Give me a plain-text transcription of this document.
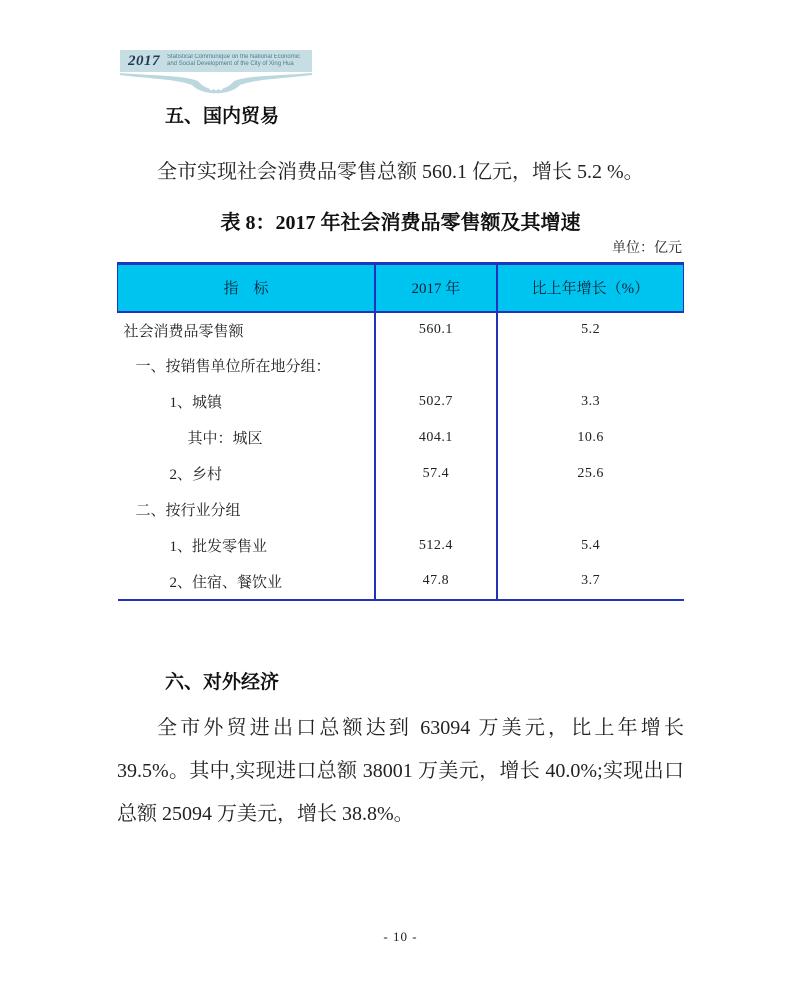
2017 Statistical Communique on the National Economic
and Social Development of the City of Xing Hua
五、国内贸易

全市实现社会消费品零售总额 560.1 亿元，增长 5.2 %。

表 8：2017 年社会消费品零售额及其增速
单位：亿元
指　标	2017 年	比上年增长（%）
社会消费品零售额	560.1	5.2
一、按销售单位所在地分组：		
1、城镇	502.7	3.3
其中：城区	404.1	10.6
2、乡村	57.4	25.6
二、按行业分组		
1、批发零售业	512.4	5.4
2、住宿、餐饮业	47.8	3.7
六、对外经济

全市外贸进出口总额达到 63094 万美元，比上年增长 39.5%。其中,实现进口总额 38001 万美元，增长 40.0%;实现出口总额 25094 万美元，增长 38.8%。

- 10 -
